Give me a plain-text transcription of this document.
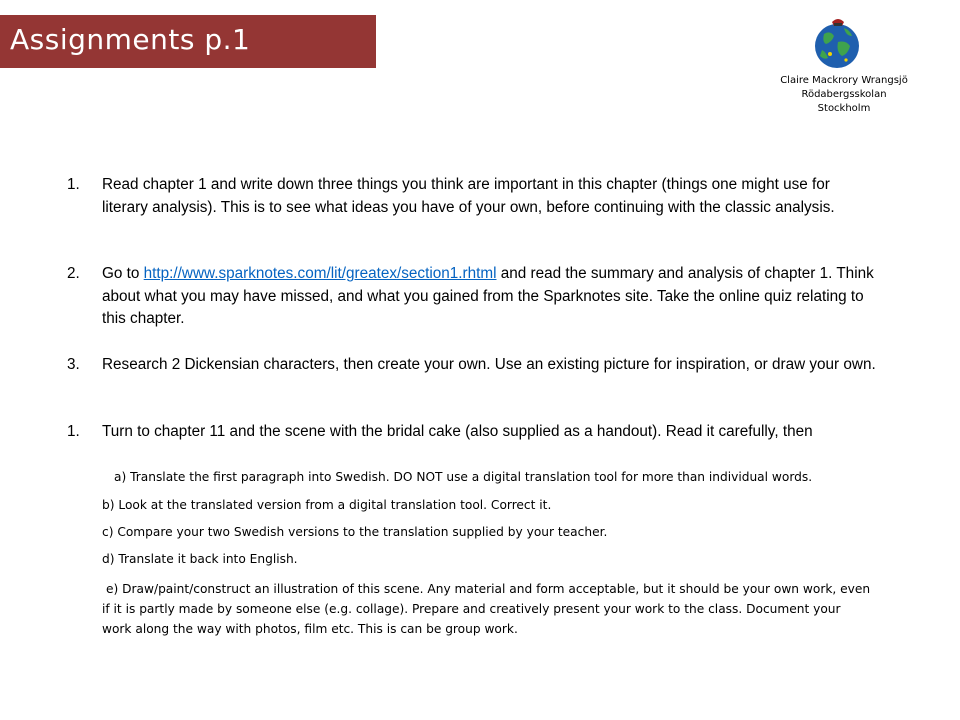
Assignments p.1
Claire Mackrory Wrangsjö
Rödabergsskolan
Stockholm
1. Read chapter 1 and write down three things you think are important in this chapter (things one might use for literary analysis). This is to see what ideas you have of your own, before continuing with the classic analysis.
2. Go to http://www.sparknotes.com/lit/greatex/section1.rhtml and read the summary and analysis of chapter 1. Think about what you may have missed, and what you gained from the Sparknotes site. Take the online quiz relating to this chapter.
3. Research 2 Dickensian characters, then create your own. Use an existing picture for inspiration, or draw your own.
1. Turn to chapter 11 and the scene with the bridal cake (also supplied as a handout). Read it carefully, then
a) Translate the first paragraph into Swedish. DO NOT use a digital translation tool for more than individual words.
b) Look at the translated version from a digital translation tool. Correct it.
c) Compare your two Swedish versions to the translation supplied by your teacher.
d) Translate it back into English.
e) Draw/paint/construct an illustration of this scene. Any material and form acceptable, but it should be your own work, even if it is partly made by someone else (e.g. collage). Prepare and creatively present your work to the class. Document your work along the way with photos, film etc. This is can be group work.
